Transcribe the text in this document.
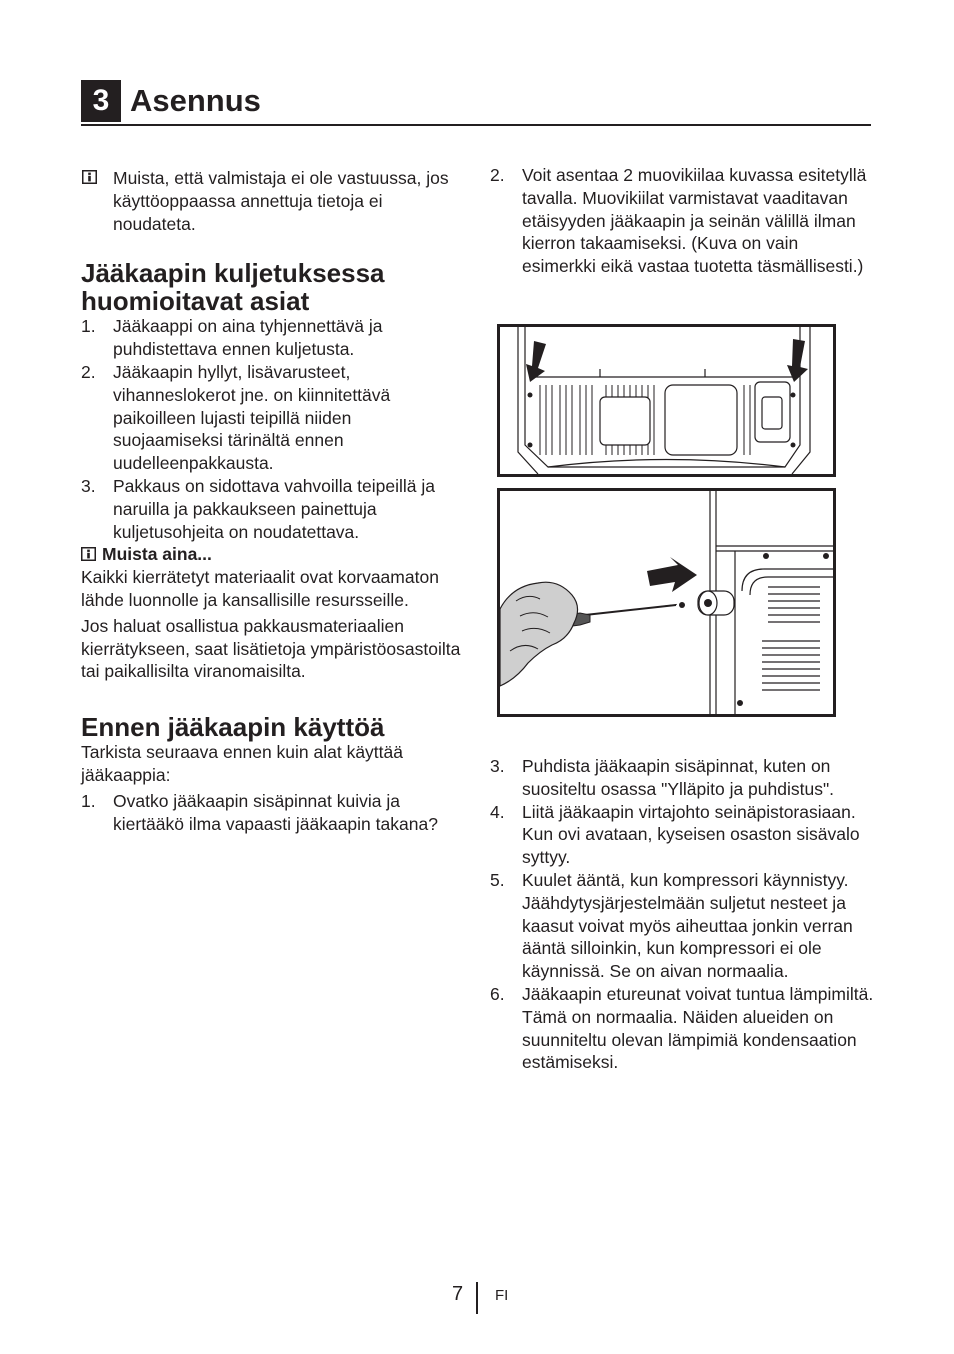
3 Asennus

Muista, että valmistaja ei ole vastuussa, jos käyttöoppaassa annettuja tietoja ei noudateta.

Jääkaapin kuljetuksessa huomioitavat asiat
1. Jääkaappi on aina tyhjennettävä ja puhdistettava ennen kuljetusta.

2. Jääkaapin hyllyt, lisävarusteet, vihanneslokerot jne. on kiinnitettävä paikoilleen lujasti teipillä niiden suojaamiseksi tärinältä ennen uudelleenpakkausta.

3. Pakkaus on sidottava vahvoilla teipeillä ja naruilla ja pakkaukseen painettuja kuljetusohjeita on noudatettava.

Muista aina...

Kaikki kierrätetyt materiaalit ovat korvaamaton lähde luonnolle ja kansallisille resursseille.

Jos haluat osallistua pakkausmateriaalien kierrätykseen, saat lisätietoja ympäristöosastoilta tai paikallisilta viranomaisilta.

Ennen jääkaapin käyttöä

Tarkista seuraava ennen kuin alat käyttää jääkaappia:

1. Ovatko jääkaapin sisäpinnat kuivia ja kiertääkö ilma vapaasti jääkaapin takana?

2. Voit asentaa 2 muovikiilaa kuvassa esitetyllä tavalla. Muovikiilat varmistavat vaaditavan etäisyyden jääkaapin ja seinän välillä ilman kierron takaamiseksi. (Kuva on vain esimerkki eikä vastaa tuotetta täsmällisesti.)

3. Puhdista jääkaapin sisäpinnat, kuten on suositeltu osassa "Ylläpito ja puhdistus".

4. Liitä jääkaapin virtajohto seinäpistorasiaan. Kun ovi avataan, kyseisen osaston sisävalo syttyy.

5. Kuulet ääntä, kun kompressori käynnistyy. Jäähdytysjärjestelmään suljetut nesteet ja kaasut voivat myös aiheuttaa jonkin verran ääntä silloinkin, kun kompressori ei ole käynnissä. Se on aivan normaalia.

6. Jääkaapin etureunat voivat tuntua lämpimiltä. Tämä on normaalia. Näiden alueiden on suunniteltu olevan lämpimiä kondensaation estämiseksi.

7 FI
